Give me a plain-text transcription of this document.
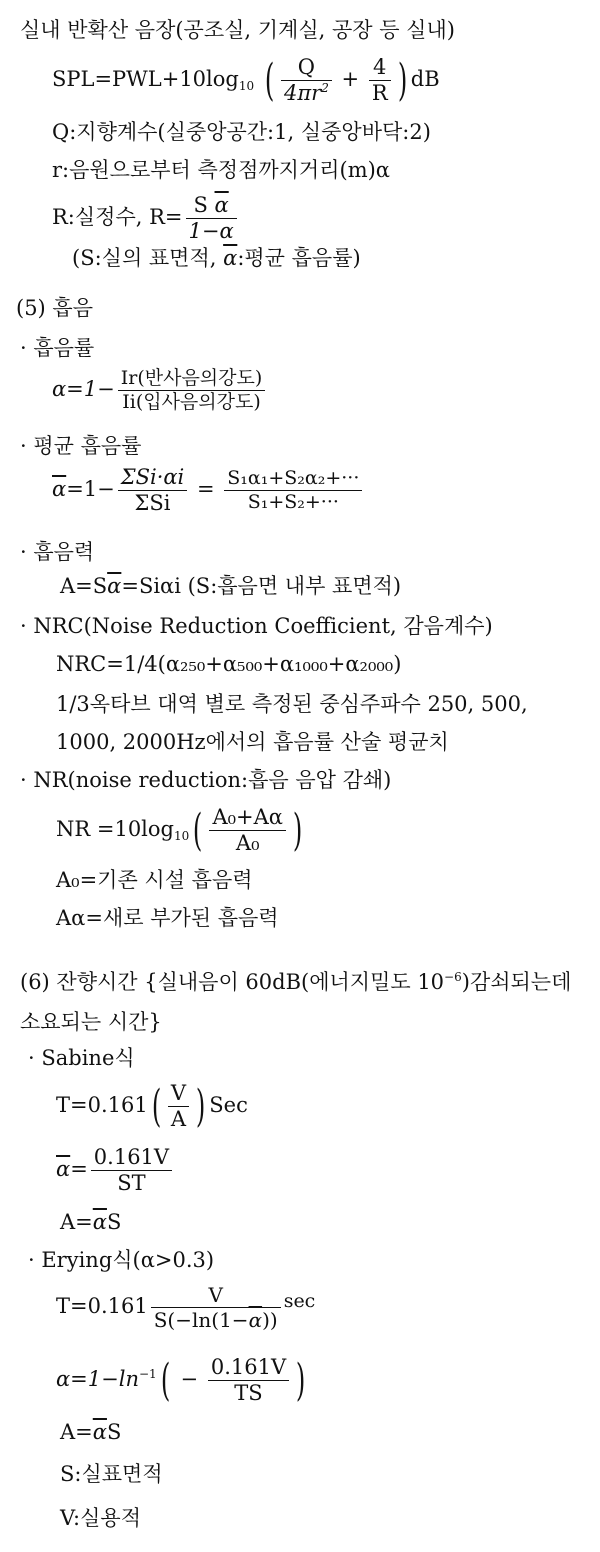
실내 반확산 음장(공조실, 기계실, 공장 등 실내)
$SPL=PWL+10\log_{10}$ ( $\frac{Q}{4\pi r^2} + \frac{4}{R}$ ) dB
Q:지향계수(실중앙공간:1, 실중앙바닥:2)
r:음원으로부터 측정점까지거리(m)α
R:실정수, $R= \frac{S \overline{\alpha}}{1-\alpha}$
(S:실의 표면적, $\overline{\alpha}$:평균 흡음률)
(5) 흡음
· 흡음률
$\alpha=1- \frac{\text{Ir(반사음의강도)}}{\text{Ii(입사음의강도)}}$
· 평균 흡음률
$\overline{\alpha}=1- \frac{\text{ΣSi·αi}}{\text{ΣSi}} = \frac{\text{S₁α₁+S₂α₂+···}}{\text{S₁+S₂+···}}$
· 흡음력
$A=S\overline{\alpha}=Si\alpha i$ (S:흡음면 내부 표면적)
· NRC(Noise Reduction Coefficient, 감음계수)
NRC=1/4(α₂₅₀+α₅₀₀+α₁₀₀₀+α₂₀₀₀)
1/3옥타브 대역 별로 측정된 중심주파수 250, 500,
1000, 2000Hz에서의 흡음률 산술 평균치
· NR(noise reduction:흡음 음압 감쇄)
NR $=10\log_{10}( \frac{\text{A₀+Aα}}{\text{A₀}}$ )
A₀=기존 시설 흡음력
Aα=새로 부가된 흡음력
(6) 잔향시간 {실내음이 60dB(에너지밀도 $10^{-6}$)감쇠되는데
소요되는 시간}
· Sabine식
$T=0.161( \frac{V}{A}$ ) Sec
$\overline{\alpha}= \frac{0.161V}{ST}$
$A=\overline{\alpha}S$
· Erying식(α>0.3)
$T=0.161 \frac{V}{S(-\ln(1-\overline{\alpha}))}$ sec
$\alpha=1-\ln^{-1}( - \frac{0.161V}{TS}$ )
$A=\overline{\alpha}S$
S:실표면적
V:실용적
